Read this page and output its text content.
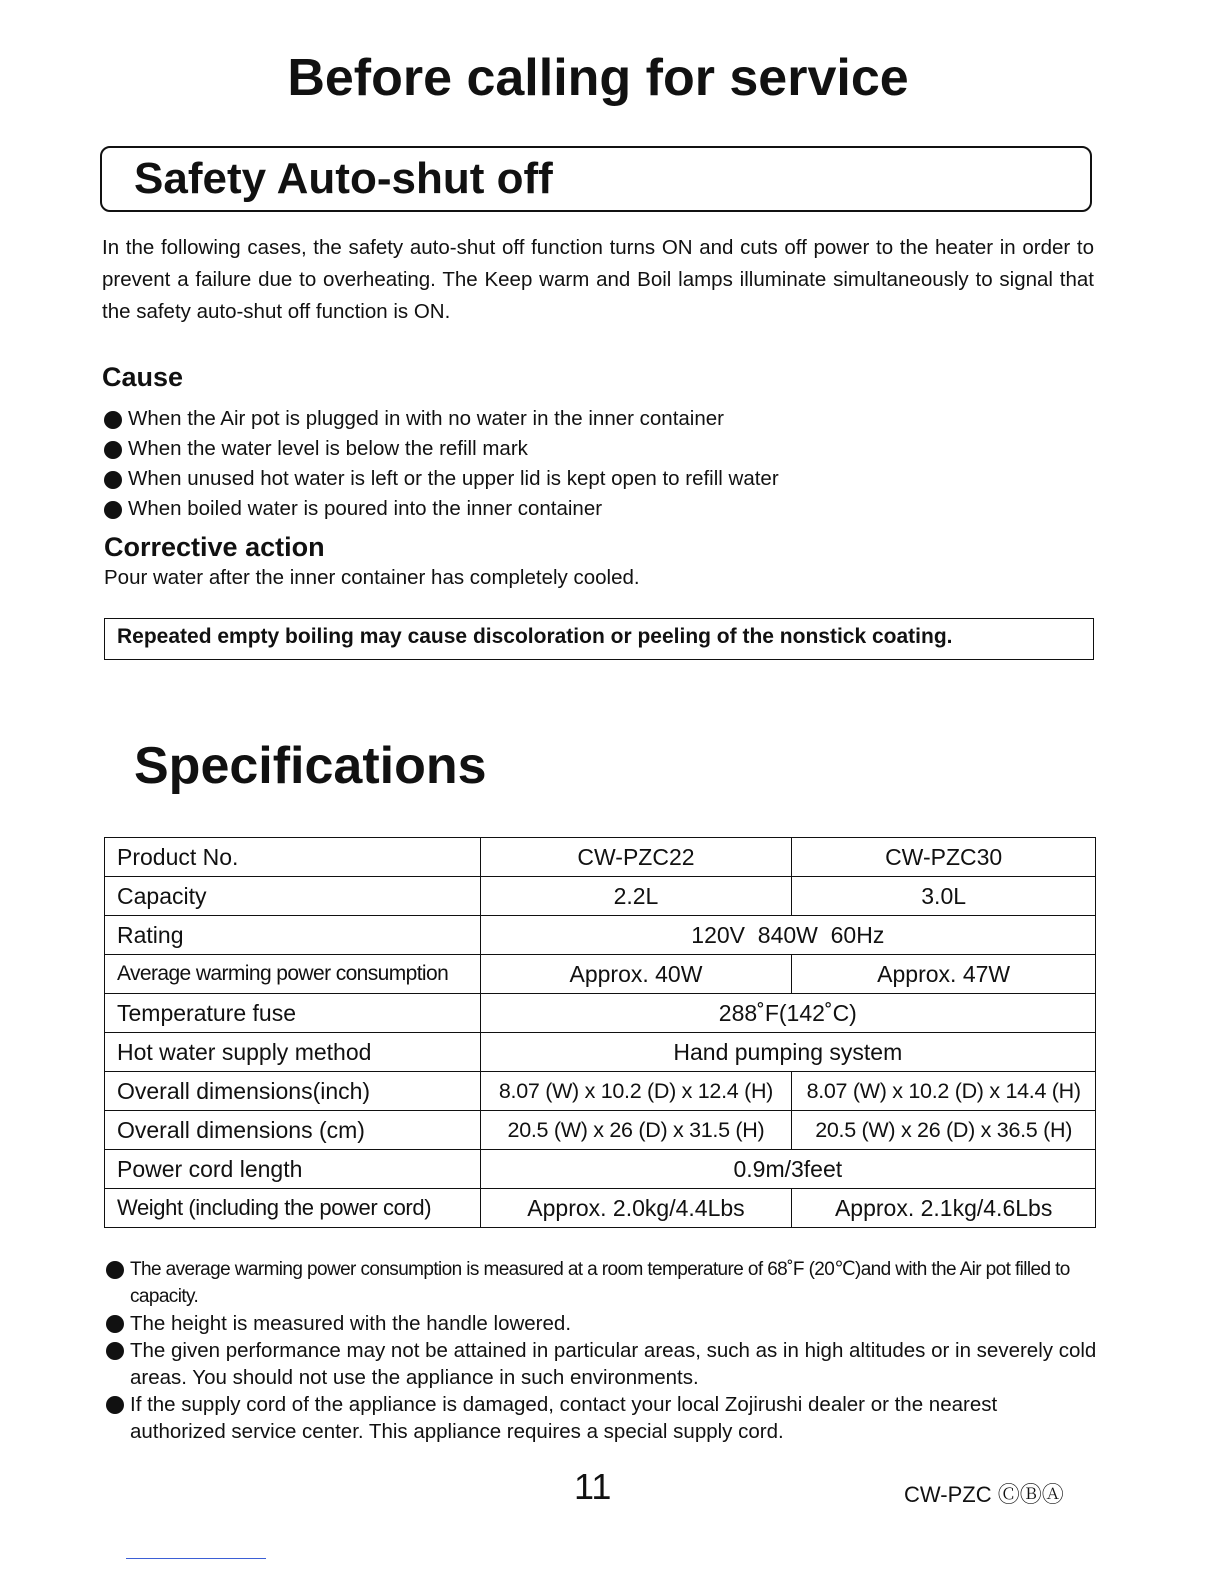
Before calling for service
Safety Auto-shut off
In the following cases, the safety auto-shut off function turns ON and cuts off power to the heater in order to prevent a failure due to overheating. The Keep warm and Boil lamps illuminate simultaneously to signal that the safety auto-shut off function is ON.
Cause
When the Air pot is plugged in with no water in the inner container
When the water level is below the refill mark
When unused hot water is left or the upper lid is kept open to refill water
When boiled water is poured into the inner container
Corrective action
Pour water after the inner container has completely cooled.
Repeated empty boiling may cause discoloration or peeling of the nonstick coating.
Specifications
Product No.	CW-PZC22	CW-PZC30
Capacity	2.2L	3.0L
Rating	120V  840W  60Hz	
Average warming power consumption	Approx. 40W	Approx. 47W
Temperature fuse	288˚F(142˚C)	
Hot water supply method	Hand pumping system	
Overall dimensions(inch)	8.07 (W) x 10.2 (D) x 12.4 (H)	8.07 (W) x 10.2 (D) x 14.4 (H)
Overall dimensions (cm)	20.5 (W) x 26 (D) x 31.5 (H)	20.5 (W) x 26 (D) x 36.5 (H)
Power cord length	0.9m/3feet	
Weight (including the power cord)	Approx. 2.0kg/4.4Lbs	Approx. 2.1kg/4.6Lbs
The average warming power consumption is measured at a room temperature of 68˚F (20℃)and with the Air pot filled to capacity.
The height is measured with the handle lowered.
The given performance may not be attained in particular areas, such as in high altitudes or in severely cold areas. You should not use the appliance in such environments.
If the supply cord of the appliance is damaged, contact your local Zojirushi dealer or the nearest authorized service center. This appliance requires a special supply cord.
11	CW-PZC ⒸⒷⒶ
